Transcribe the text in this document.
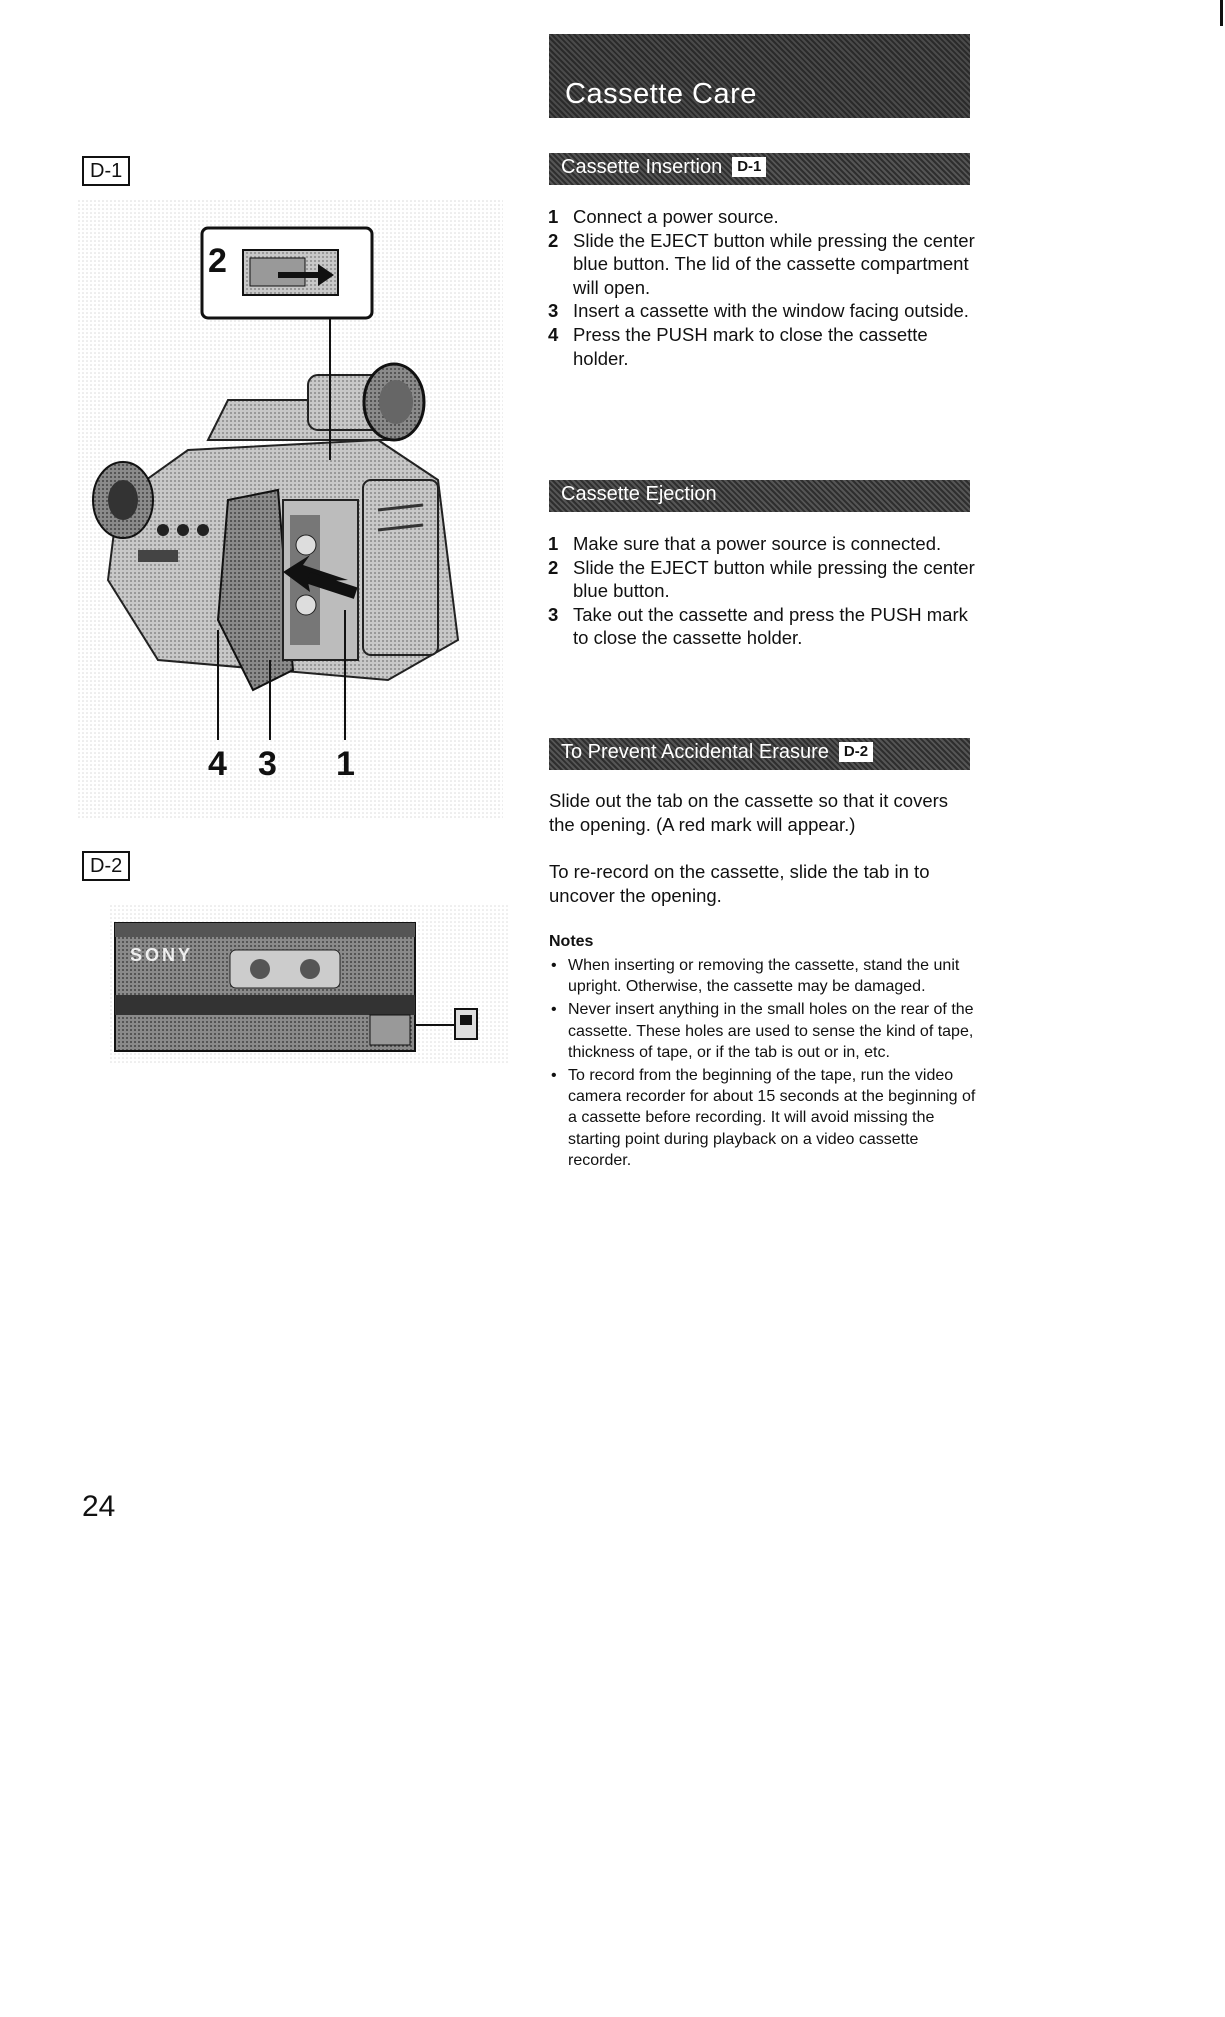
D-1
2
4 3 1
D-2
SONY
24
Cassette Care
Cassette Insertion D-1
1 Connect a power source.
2 Slide the EJECT button while pressing the center blue button. The lid of the cassette compartment will open.
3 Insert a cassette with the window facing outside.
4 Press the PUSH mark to close the cassette holder.
Cassette Ejection
1 Make sure that a power source is connected.
2 Slide the EJECT button while pressing the center blue button.
3 Take out the cassette and press the PUSH mark to close the cassette holder.
To Prevent Accidental Erasure D-2

Slide out the tab on the cassette so that it covers the opening. (A red mark will appear.)

To re-record on the cassette, slide the tab in to uncover the opening.

Notes
• When inserting or removing the cassette, stand the unit upright. Otherwise, the cassette may be damaged.
• Never insert anything in the small holes on the rear of the cassette. These holes are used to sense the kind of tape, thickness of tape, or if the tab is out or in, etc.
• To record from the beginning of the tape, run the video camera recorder for about 15 seconds at the beginning of a cassette before recording. It will avoid missing the starting point during playback on a video cassette recorder.
